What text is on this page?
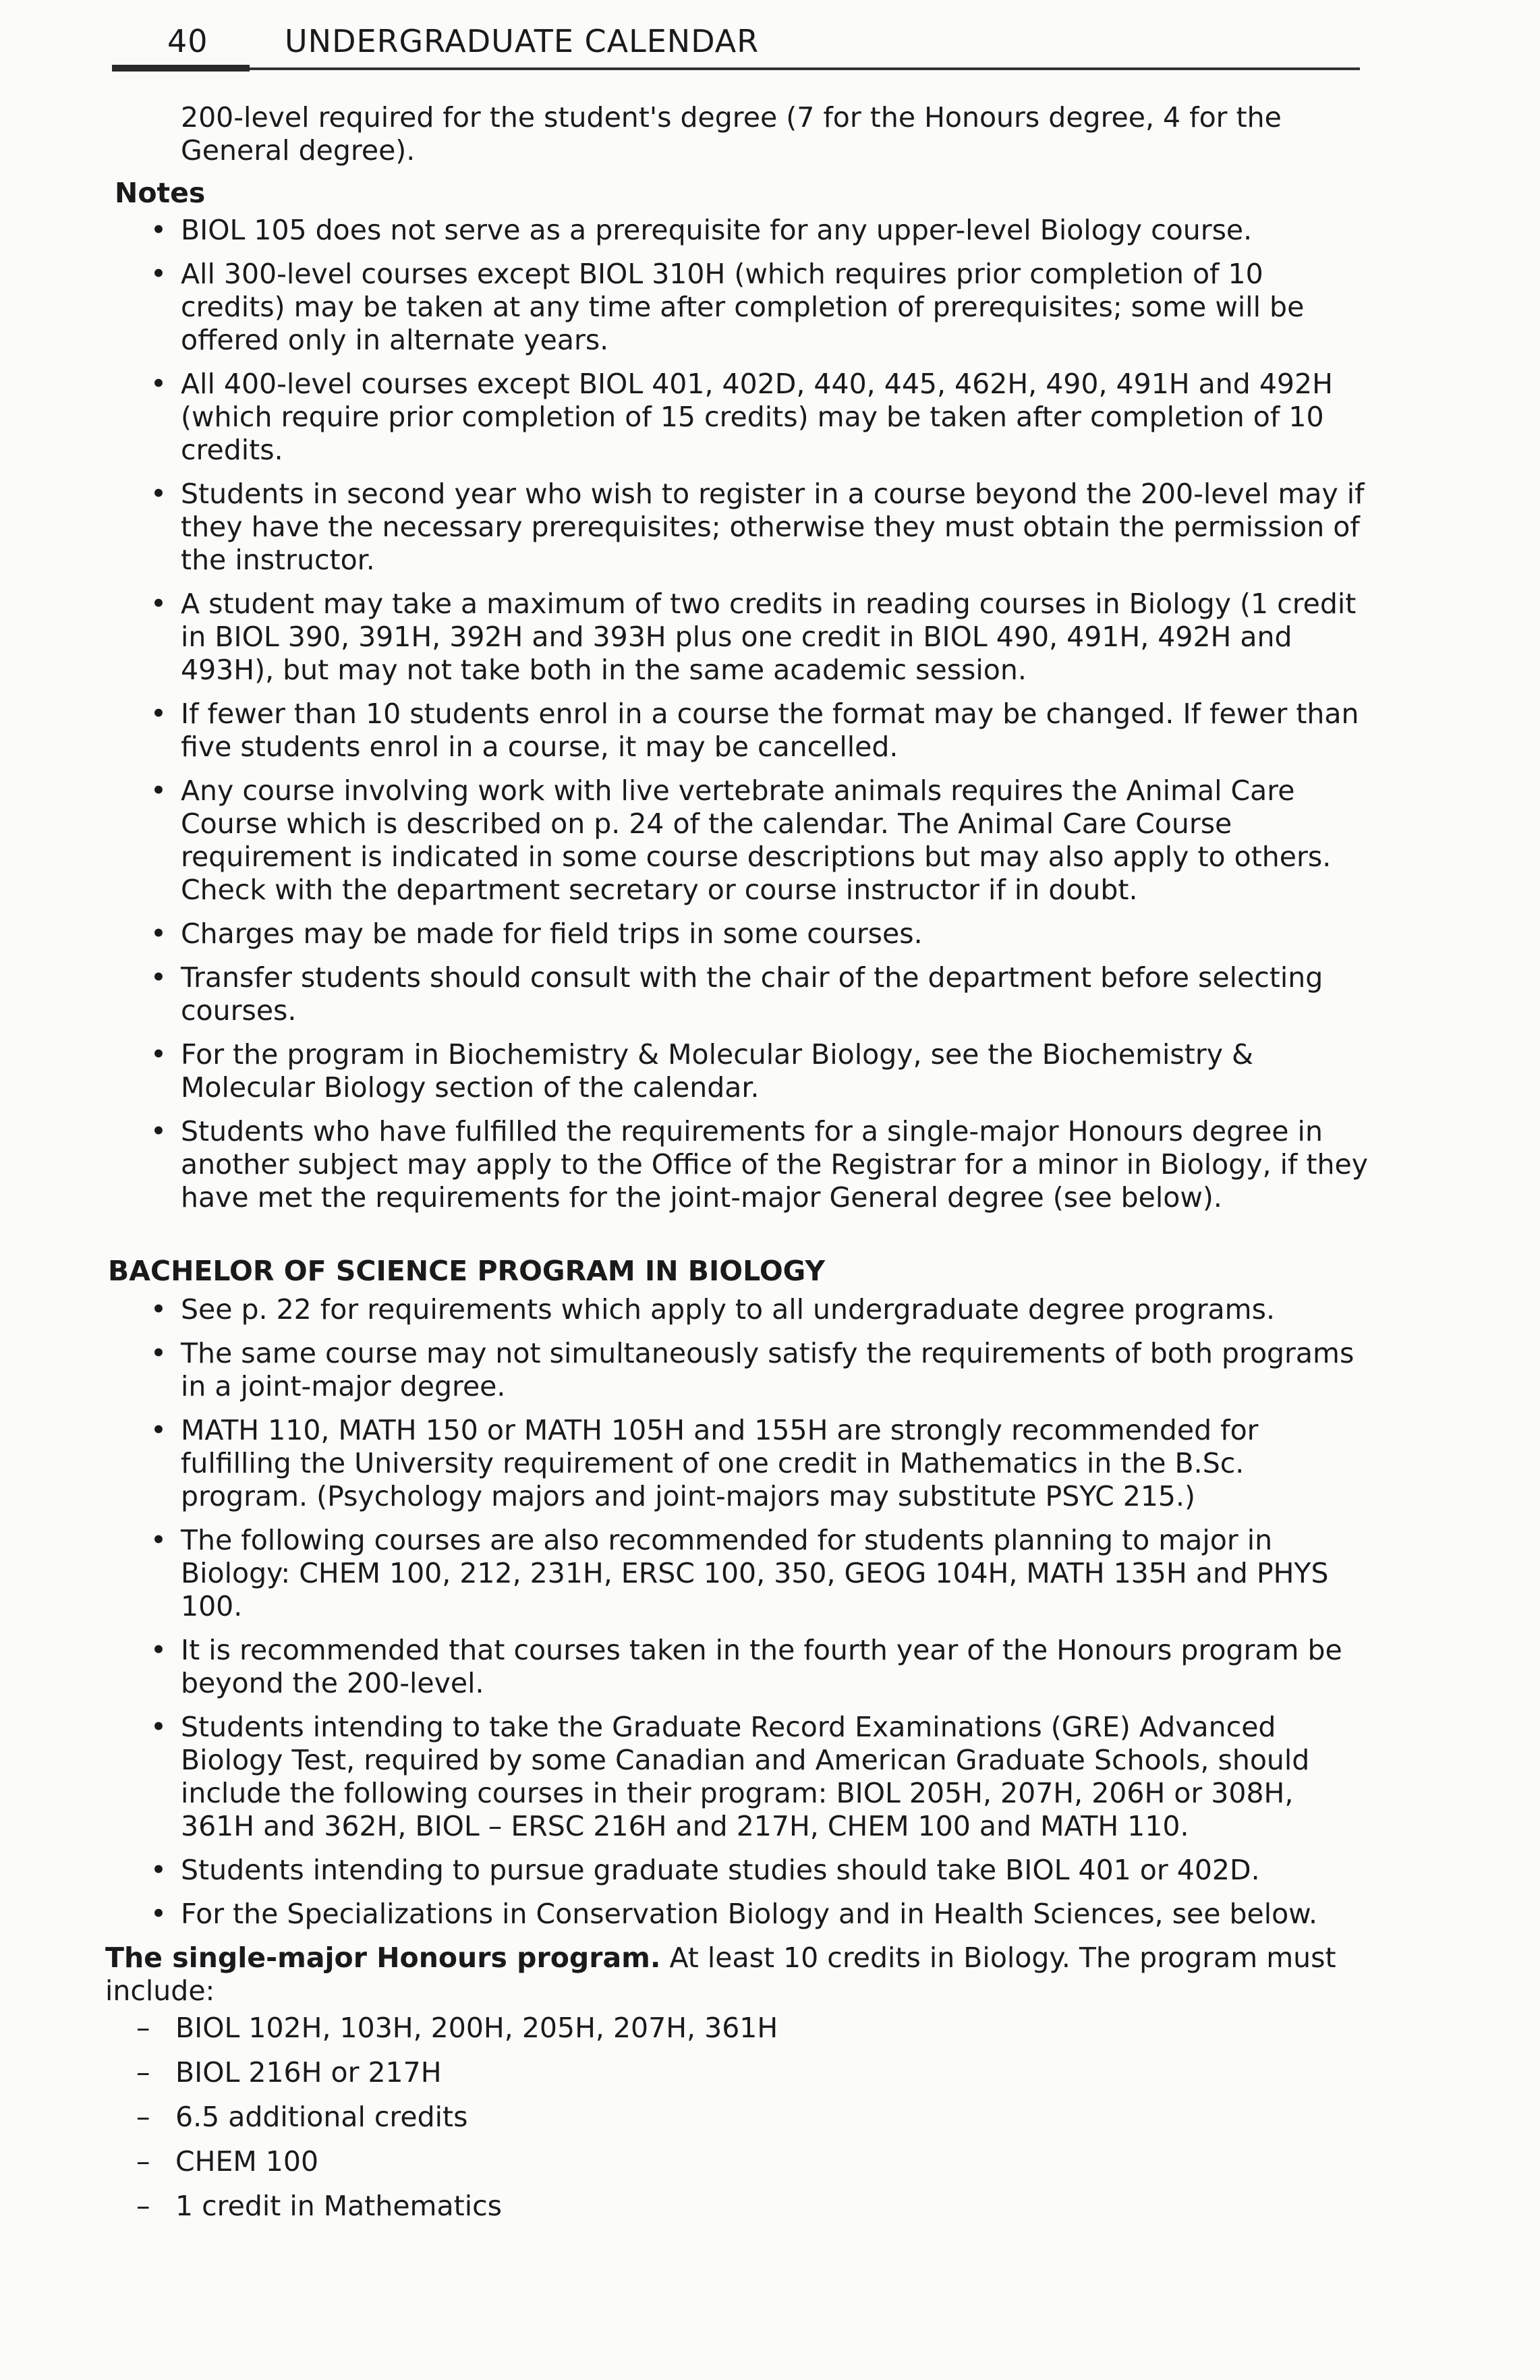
40 UNDERGRADUATE CALENDAR

200-level required for the student's degree (7 for the Honours degree, 4 for the General degree).

Notes
• BIOL 105 does not serve as a prerequisite for any upper-level Biology course.
• All 300-level courses except BIOL 310H (which requires prior completion of 10 credits) may be taken at any time after completion of prerequisites; some will be offered only in alternate years.
• All 400-level courses except BIOL 401, 402D, 440, 445, 462H, 490, 491H and 492H (which require prior completion of 15 credits) may be taken after completion of 10 credits.
• Students in second year who wish to register in a course beyond the 200-level may if they have the necessary prerequisites; otherwise they must obtain the permission of the instructor.
• A student may take a maximum of two credits in reading courses in Biology (1 credit in BIOL 390, 391H, 392H and 393H plus one credit in BIOL 490, 491H, 492H and 493H), but may not take both in the same academic session.
• If fewer than 10 students enrol in a course the format may be changed. If fewer than five students enrol in a course, it may be cancelled.
• Any course involving work with live vertebrate animals requires the Animal Care Course which is described on p. 24 of the calendar. The Animal Care Course requirement is indicated in some course descriptions but may also apply to others. Check with the department secretary or course instructor if in doubt.
• Charges may be made for field trips in some courses.
• Transfer students should consult with the chair of the department before selecting courses.
• For the program in Biochemistry & Molecular Biology, see the Biochemistry & Molecular Biology section of the calendar.
• Students who have fulfilled the requirements for a single-major Honours degree in another subject may apply to the Office of the Registrar for a minor in Biology, if they have met the requirements for the joint-major General degree (see below).
BACHELOR OF SCIENCE PROGRAM IN BIOLOGY
• See p. 22 for requirements which apply to all undergraduate degree programs.
• The same course may not simultaneously satisfy the requirements of both programs in a joint-major degree.
• MATH 110, MATH 150 or MATH 105H and 155H are strongly recommended for fulfilling the University requirement of one credit in Mathematics in the B.Sc. program. (Psychology majors and joint-majors may substitute PSYC 215.)
• The following courses are also recommended for students planning to major in Biology: CHEM 100, 212, 231H, ERSC 100, 350, GEOG 104H, MATH 135H and PHYS 100.
• It is recommended that courses taken in the fourth year of the Honours program be beyond the 200-level.
• Students intending to take the Graduate Record Examinations (GRE) Advanced Biology Test, required by some Canadian and American Graduate Schools, should include the following courses in their program: BIOL 205H, 207H, 206H or 308H, 361H and 362H, BIOL – ERSC 216H and 217H, CHEM 100 and MATH 110.
• Students intending to pursue graduate studies should take BIOL 401 or 402D.
• For the Specializations in Conservation Biology and in Health Sciences, see below.

The single-major Honours program. At least 10 credits in Biology. The program must include:

– BIOL 102H, 103H, 200H, 205H, 207H, 361H
– BIOL 216H or 217H
– 6.5 additional credits
– CHEM 100
– 1 credit in Mathematics
